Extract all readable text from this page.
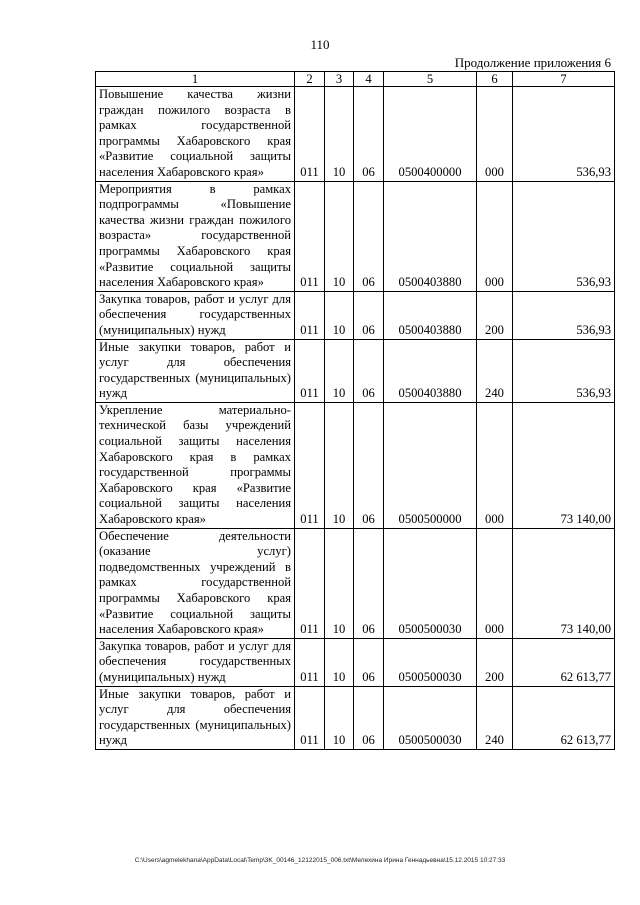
110
Продолжение приложения 6
1	2	3	4	5	6	7
Повышение качества жизни граждан пожилого возраста в рамках государственной программы Хабаровского края «Развитие социальной защиты населения Хабаровского края»	011	10	06	0500400000	000	536,93
Мероприятия в рамках подпрограммы «Повышение качества жизни граждан пожилого возраста» государственной программы Хабаровского края «Развитие социальной защиты населения Хабаровского края»	011	10	06	0500403880	000	536,93
Закупка товаров, работ и услуг для обеспечения государственных (муниципальных) нужд	011	10	06	0500403880	200	536,93
Иные закупки товаров, работ и услуг для обеспечения государственных (муниципальных) нужд	011	10	06	0500403880	240	536,93
Укрепление материально-технической базы учреждений социальной защиты населения Хабаровского края в рамках государственной программы Хабаровского края «Развитие социальной защиты населения Хабаровского края»	011	10	06	0500500000	000	73 140,00
Обеспечение деятельности (оказание услуг) подведомственных учреждений в рамках государственной программы Хабаровского края «Развитие социальной защиты населения Хабаровского края»	011	10	06	0500500030	000	73 140,00
Закупка товаров, работ и услуг для обеспечения государственных (муниципальных) нужд	011	10	06	0500500030	200	62 613,77
Иные закупки товаров, работ и услуг для обеспечения государственных (муниципальных) нужд	011	10	06	0500500030	240	62 613,77
C:\Users\agmelekhana\AppData\Local\Temp\3K_00146_12122015_006.txt\Мелехина Ирина Геннадьевна\15.12.2015 10:27:33
